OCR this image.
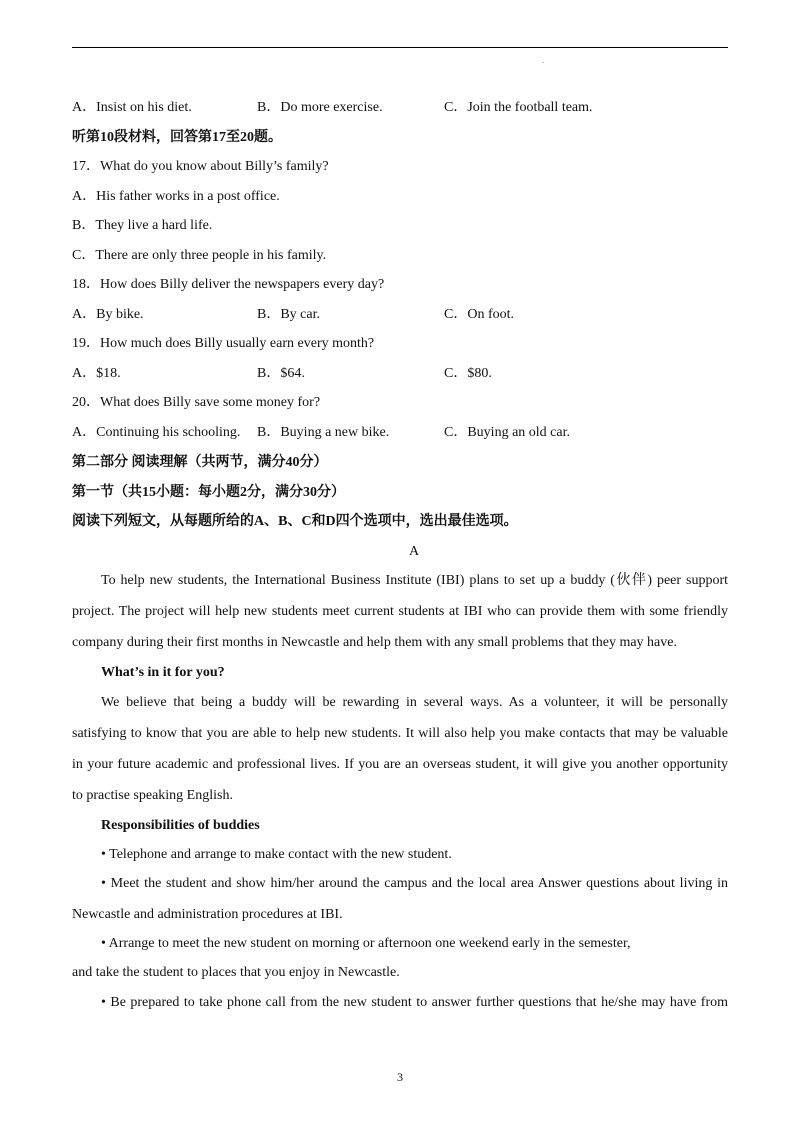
.
A．Insist on his diet.	B．Do more exercise.	C．Join the football team.
听第10段材料，回答第17至20题。
17．What do you know about Billy’s family?
A．His father works in a post office.
B．They live a hard life.
C．There are only three people in his family.
18．How does Billy deliver the newspapers every day?
A．By bike.	B．By car.	C．On foot.
19．How much does Billy usually earn every month?
A．$18.	B．$64.	C．$80.
20．What does Billy save some money for?
A．Continuing his schooling. B．Buying a new bike.	C．Buying an old car.
第二部分 阅读理解（共两节，满分40分）
第一节（共15小题：每小题2分，满分30分）
阅读下列短文，从每题所给的A、B、C和D四个选项中，选出最佳选项。
A
To help new students, the International Business Institute (IBI) plans to set up a buddy (伙伴) peer support
project. The project will help new students meet current students at IBI who can provide them with some friendly
company during their first months in Newcastle and help them with any small problems that they may have.
What’s in it for you?
We believe that being a buddy will be rewarding in several ways. As a volunteer, it will be personally
satisfying to know that you are able to help new students. It will also help you make contacts that may be valuable
in your future academic and professional lives. If you are an overseas student, it will give you another opportunity
to practise speaking English.
Responsibilities of buddies
• Telephone and arrange to make contact with the new student.
• Meet the student and show him/her around the campus and the local area Answer questions about living in
Newcastle and administration procedures at IBI.
• Arrange to meet the new student on morning or afternoon one weekend early in the semester,
and take the student to places that you enjoy in Newcastle.
• Be prepared to take phone call from the new student to answer further questions that he/she may have from
3
